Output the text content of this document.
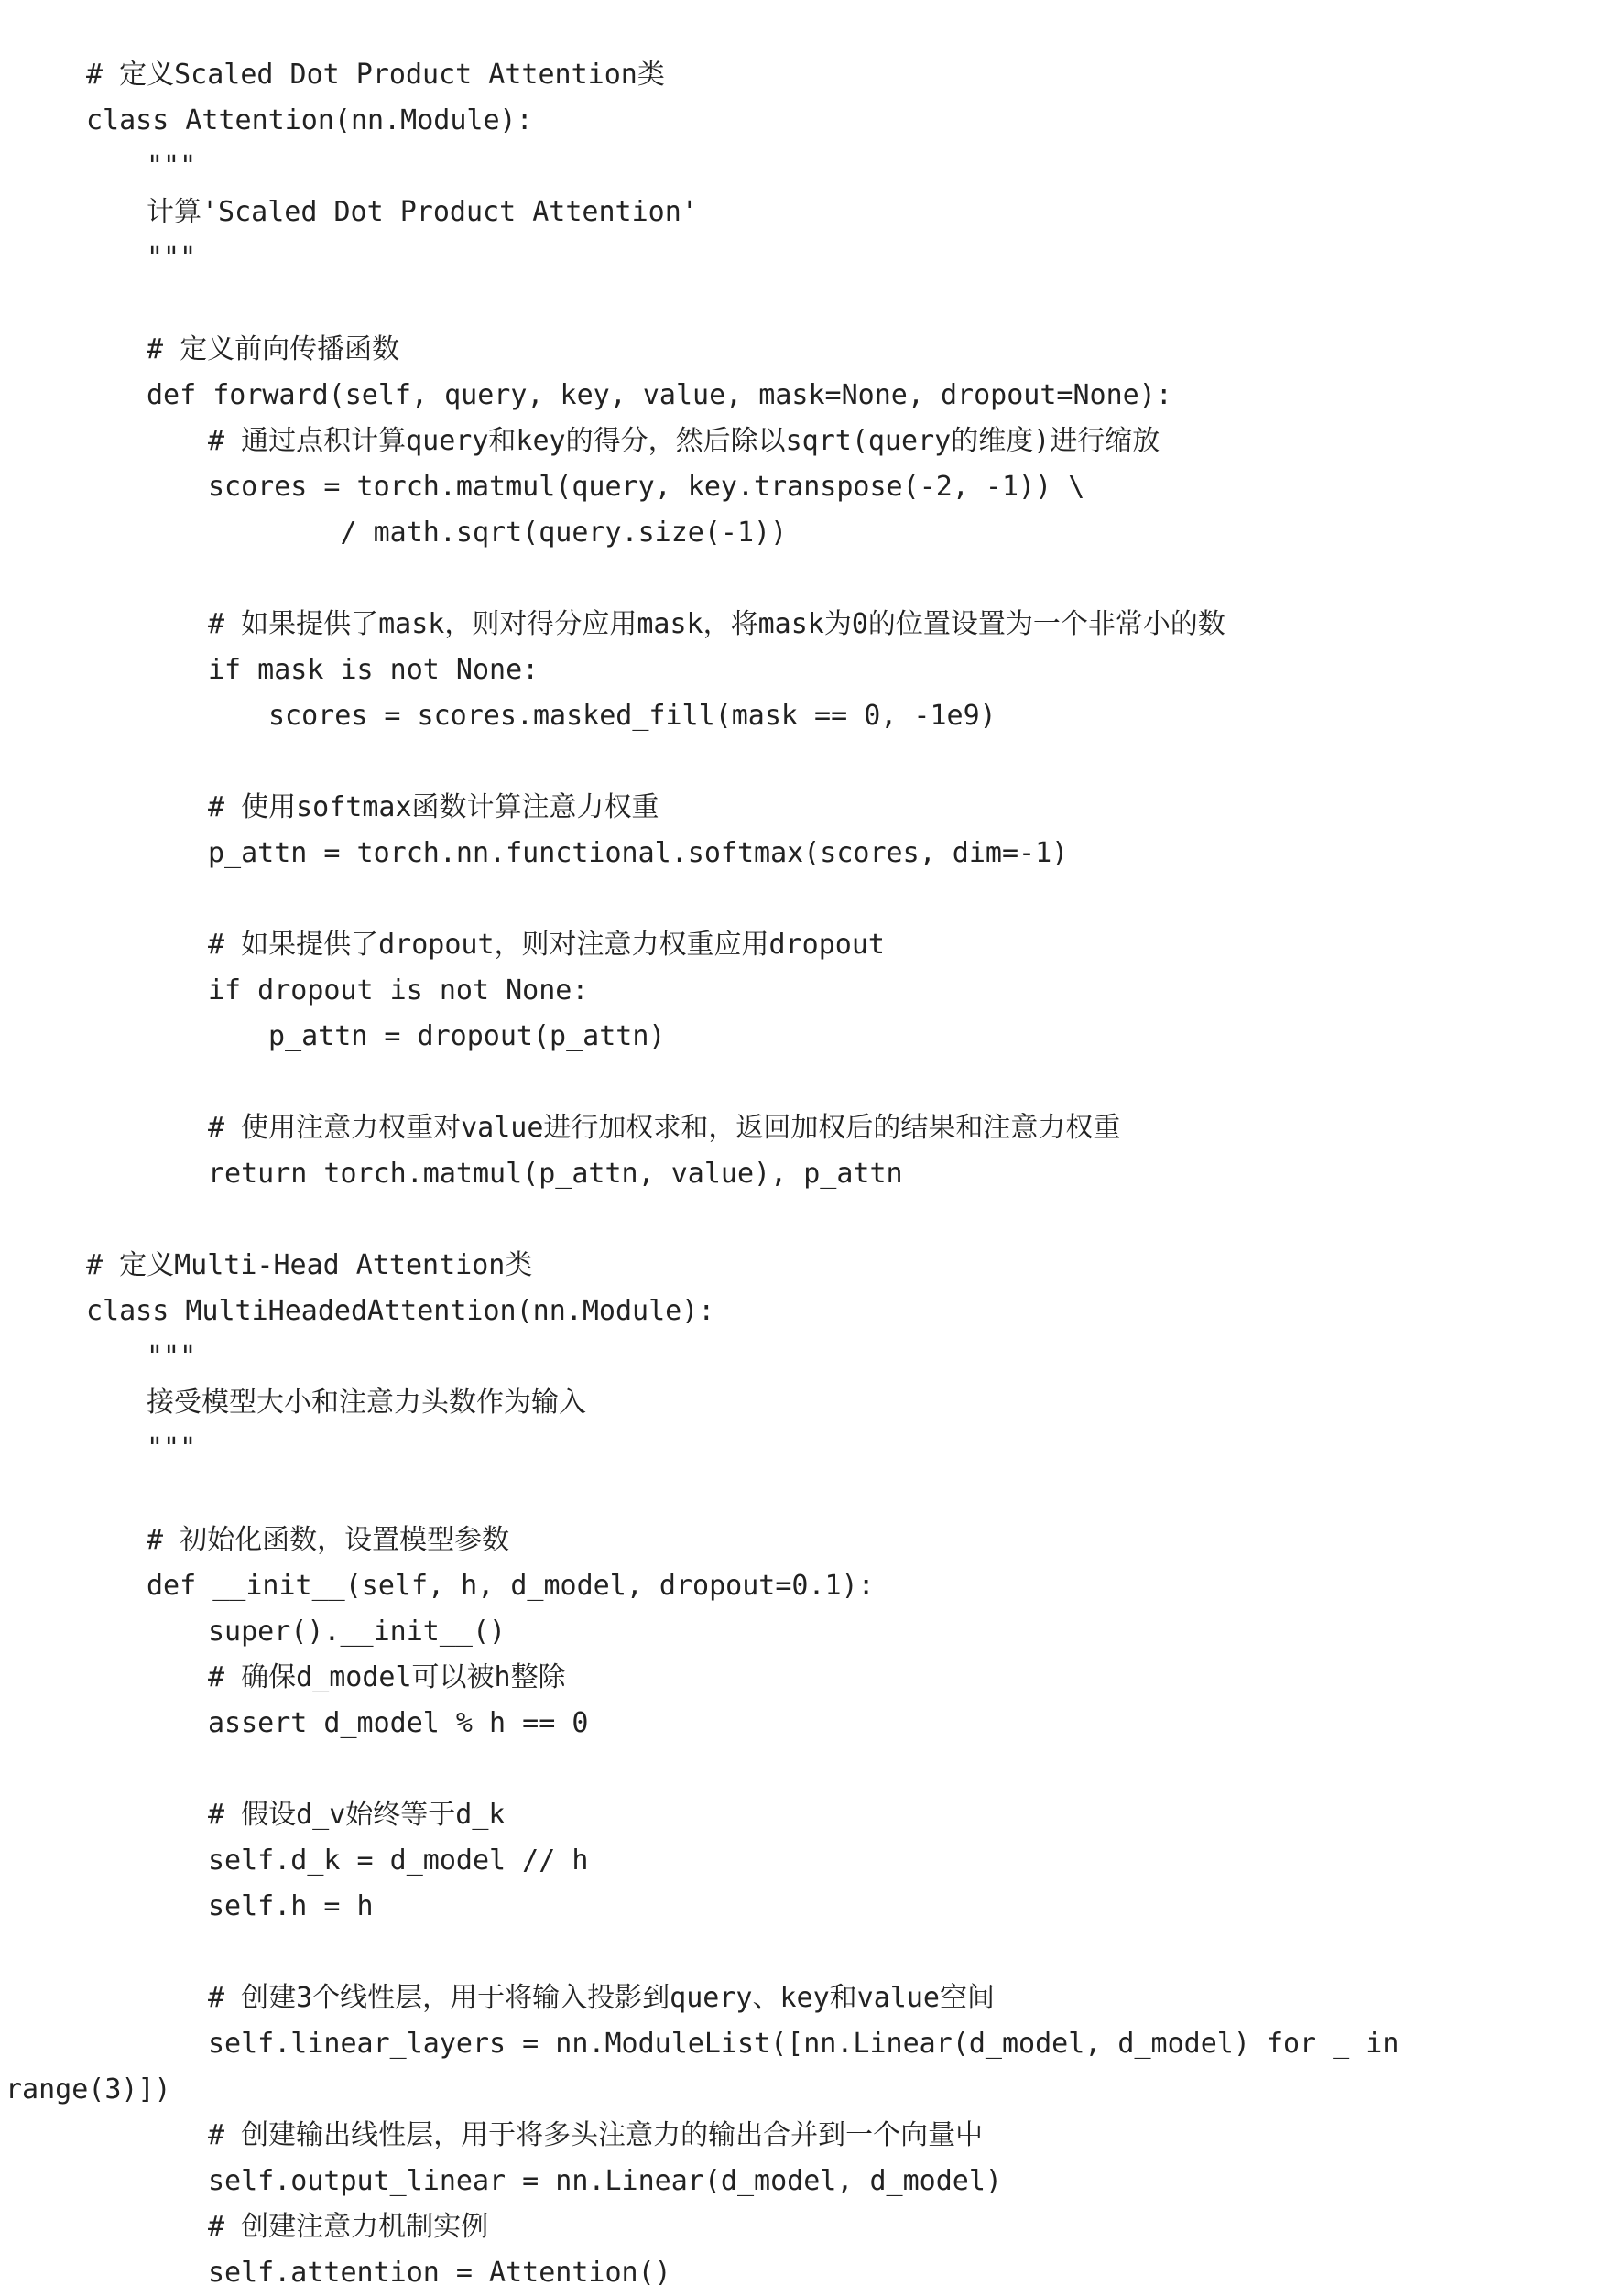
# 定义Scaled Dot Product Attention类
class Attention(nn.Module):
"""
计算'Scaled Dot Product Attention'
"""
# 定义前向传播函数
def forward(self, query, key, value, mask=None, dropout=None):
# 通过点积计算query和key的得分，然后除以sqrt(query的维度)进行缩放
scores = torch.matmul(query, key.transpose(-2, -1)) \
/ math.sqrt(query.size(-1))
# 如果提供了mask，则对得分应用mask，将mask为0的位置设置为一个非常小的数
if mask is not None:
scores = scores.masked_fill(mask == 0, -1e9)
# 使用softmax函数计算注意力权重
p_attn = torch.nn.functional.softmax(scores, dim=-1)
# 如果提供了dropout，则对注意力权重应用dropout
if dropout is not None:
p_attn = dropout(p_attn)
# 使用注意力权重对value进行加权求和，返回加权后的结果和注意力权重
return torch.matmul(p_attn, value), p_attn
# 定义Multi-Head Attention类
class MultiHeadedAttention(nn.Module):
"""
接受模型大小和注意力头数作为输入
"""
# 初始化函数，设置模型参数
def __init__(self, h, d_model, dropout=0.1):
super().__init__()
# 确保d_model可以被h整除
assert d_model % h == 0
# 假设d_v始终等于d_k
self.d_k = d_model // h
self.h = h
# 创建3个线性层，用于将输入投影到query、key和value空间
self.linear_layers = nn.ModuleList([nn.Linear(d_model, d_model) for _ in
range(3)])
# 创建输出线性层，用于将多头注意力的输出合并到一个向量中
self.output_linear = nn.Linear(d_model, d_model)
# 创建注意力机制实例
self.attention = Attention()
